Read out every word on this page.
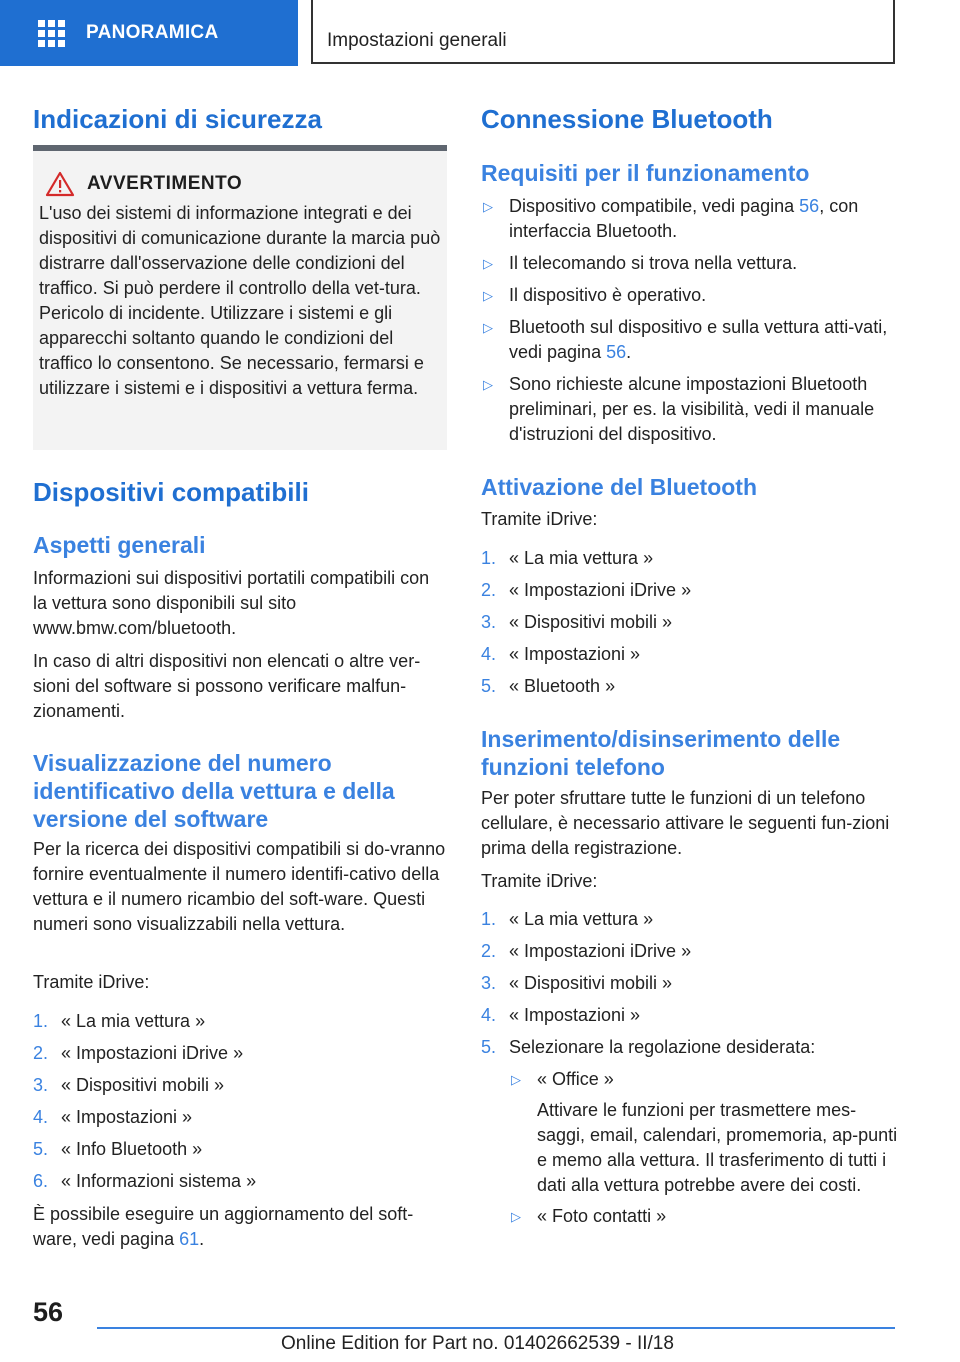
PANORAMICA	Impostazioni generali
Indicazioni di sicurezza
AVVERTIMENTO
L'uso dei sistemi di informazione integrati e dei dispositivi di comunicazione durante la marcia può distrarre dall'osservazione delle condizioni del traffico. Si può perdere il controllo della vet-tura. Pericolo di incidente. Utilizzare i sistemi e gli apparecchi soltanto quando le condizioni del traffico lo consentono. Se necessario, fermarsi e utilizzare i sistemi e i dispositivi a vettura ferma.
Dispositivi compatibili
Aspetti generali

Informazioni sui dispositivi portatili compatibili con la vettura sono disponibili sul sito www.bmw.com/bluetooth.

In caso di altri dispositivi non elencati o altre ver-sioni del software si possono verificare malfun-zionamenti.

Visualizzazione del numero identificativo della vettura e della versione del software

Per la ricerca dei dispositivi compatibili si do-vranno fornire eventualmente il numero identifi-cativo della vettura e il numero ricambio del soft-ware. Questi numeri sono visualizzabili nella vettura.

Tramite iDrive:

1. « La mia vettura »
2. « Impostazioni iDrive »
3. « Dispositivi mobili »
4. « Impostazioni »
5. « Info Bluetooth »
6. « Informazioni sistema »

È possibile eseguire un aggiornamento del soft-ware, vedi pagina 61.

Connessione Bluetooth
Requisiti per il funzionamento
▷ Dispositivo compatibile, vedi pagina 56, con interfaccia Bluetooth.
▷ Il telecomando si trova nella vettura.
▷ Il dispositivo è operativo.
▷ Bluetooth sul dispositivo e sulla vettura atti-vati, vedi pagina 56.
▷ Sono richieste alcune impostazioni Bluetooth preliminari, per es. la visibilità, vedi il manuale d'istruzioni del dispositivo.
Attivazione del Bluetooth

Tramite iDrive:

1. « La mia vettura »
2. « Impostazioni iDrive »
3. « Dispositivi mobili »
4. « Impostazioni »
5. « Bluetooth »
Inserimento/disinserimento delle funzioni telefono

Per poter sfruttare tutte le funzioni di un telefono cellulare, è necessario attivare le seguenti fun-zioni prima della registrazione.

Tramite iDrive:

1. « La mia vettura »
2. « Impostazioni iDrive »
3. « Dispositivi mobili »
4. « Impostazioni »
5. Selezionare la regolazione desiderata:
▷ « Office »
Attivare le funzioni per trasmettere mes-saggi, email, calendari, promemoria, ap-punti e memo alla vettura. Il trasferimento di tutti i dati alla vettura potrebbe avere dei costi.
▷ « Foto contatti »
56
Online Edition for Part no. 01402662539 - II/18
